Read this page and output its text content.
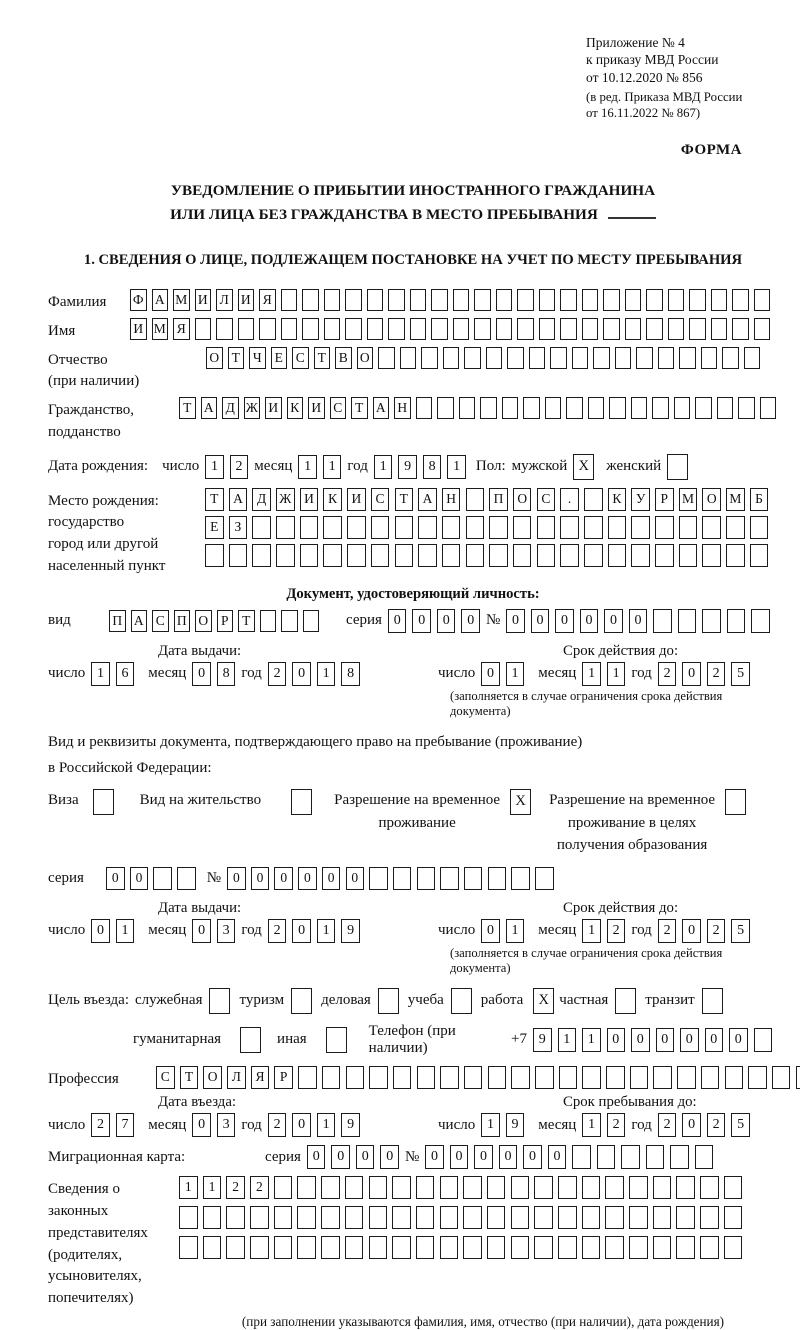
Приложение № 4
к приказу МВД России
от 10.12.2020 № 856
(в ред. Приказа МВД России
от 16.11.2022 № 867)
ФОРМА
УВЕДОМЛЕНИЕ О ПРИБЫТИИ ИНОСТРАННОГО ГРАЖДАНИНА
ИЛИ ЛИЦА БЕЗ ГРАЖДАНСТВА В МЕСТО ПРЕБЫВАНИЯ
1. СВЕДЕНИЯ О ЛИЦЕ, ПОДЛЕЖАЩЕМ ПОСТАНОВКЕ НА УЧЕТ ПО МЕСТУ ПРЕБЫВАНИЯ
Фамилия	Ф А М И Л И Я
Имя	И М Я
Отчество
(при наличии)
О Т Ч Е С Т В О
Гражданство,
подданство
Т А Д Ж И К И С Т А Н
Дата рождения: число 1	2 месяц 1	1 год 1	9	8	1	Пол: мужской X	женский
Место рождения:
государство
город или другой
населенный пункт
Т	А	Д Ж И	К	И	С	Т	А	Н	П	О	С	.	К	У	Р	М О М	Б
Е	З
Документ, удостоверяющий личность:
вид	П А С П О Р	Т	серия 0	0	0	0 № 0	0	0	0	0	0
Дата выдачи:
число 1	6	месяц 0	8 год 2	0	1	8
Срок действия до:
число 0	1	месяц 1	1 год 2	0	2	5
(заполняется в случае ограничения срока действия документа)
Вид и реквизиты документа, подтверждающего право на пребывание (проживание)
в Российской Федерации:
Виза	Вид на жительство	Разрешение на временное
проживание
X	Разрешение на временное
проживание в целях
получения образования
серия	0	0	№ 0	0	0	0	0	0
Дата выдачи:
число 0	1	месяц 0	3 год 2	0	1	9
Срок действия до:
число 0	1	месяц 1	2 год 2	0	2	5
(заполняется в случае ограничения срока действия документа)
Цель въезда: служебная туризм деловая учеба работа	X частная транзит
гуманитарная	иная
Телефон (при наличии)
+7 9	1	1	0	0	0	0	0	0
Профессия	С	Т	О	Л	Я	Р
Дата въезда:
число 2	7	месяц 0	3 год 2	0	1	9
Срок пребывания до:
число 1	9	месяц 1	2 год 2	0	2	5
Миграционная карта:	серия 0	0	0	0 № 0	0	0	0	0	0
Сведения о
законных
представителях
(родителях,
усыновителях,
попечителях)
1	1	2	2
(при заполнении указываются фамилия, имя, отчество (при наличии), дата рождения)
